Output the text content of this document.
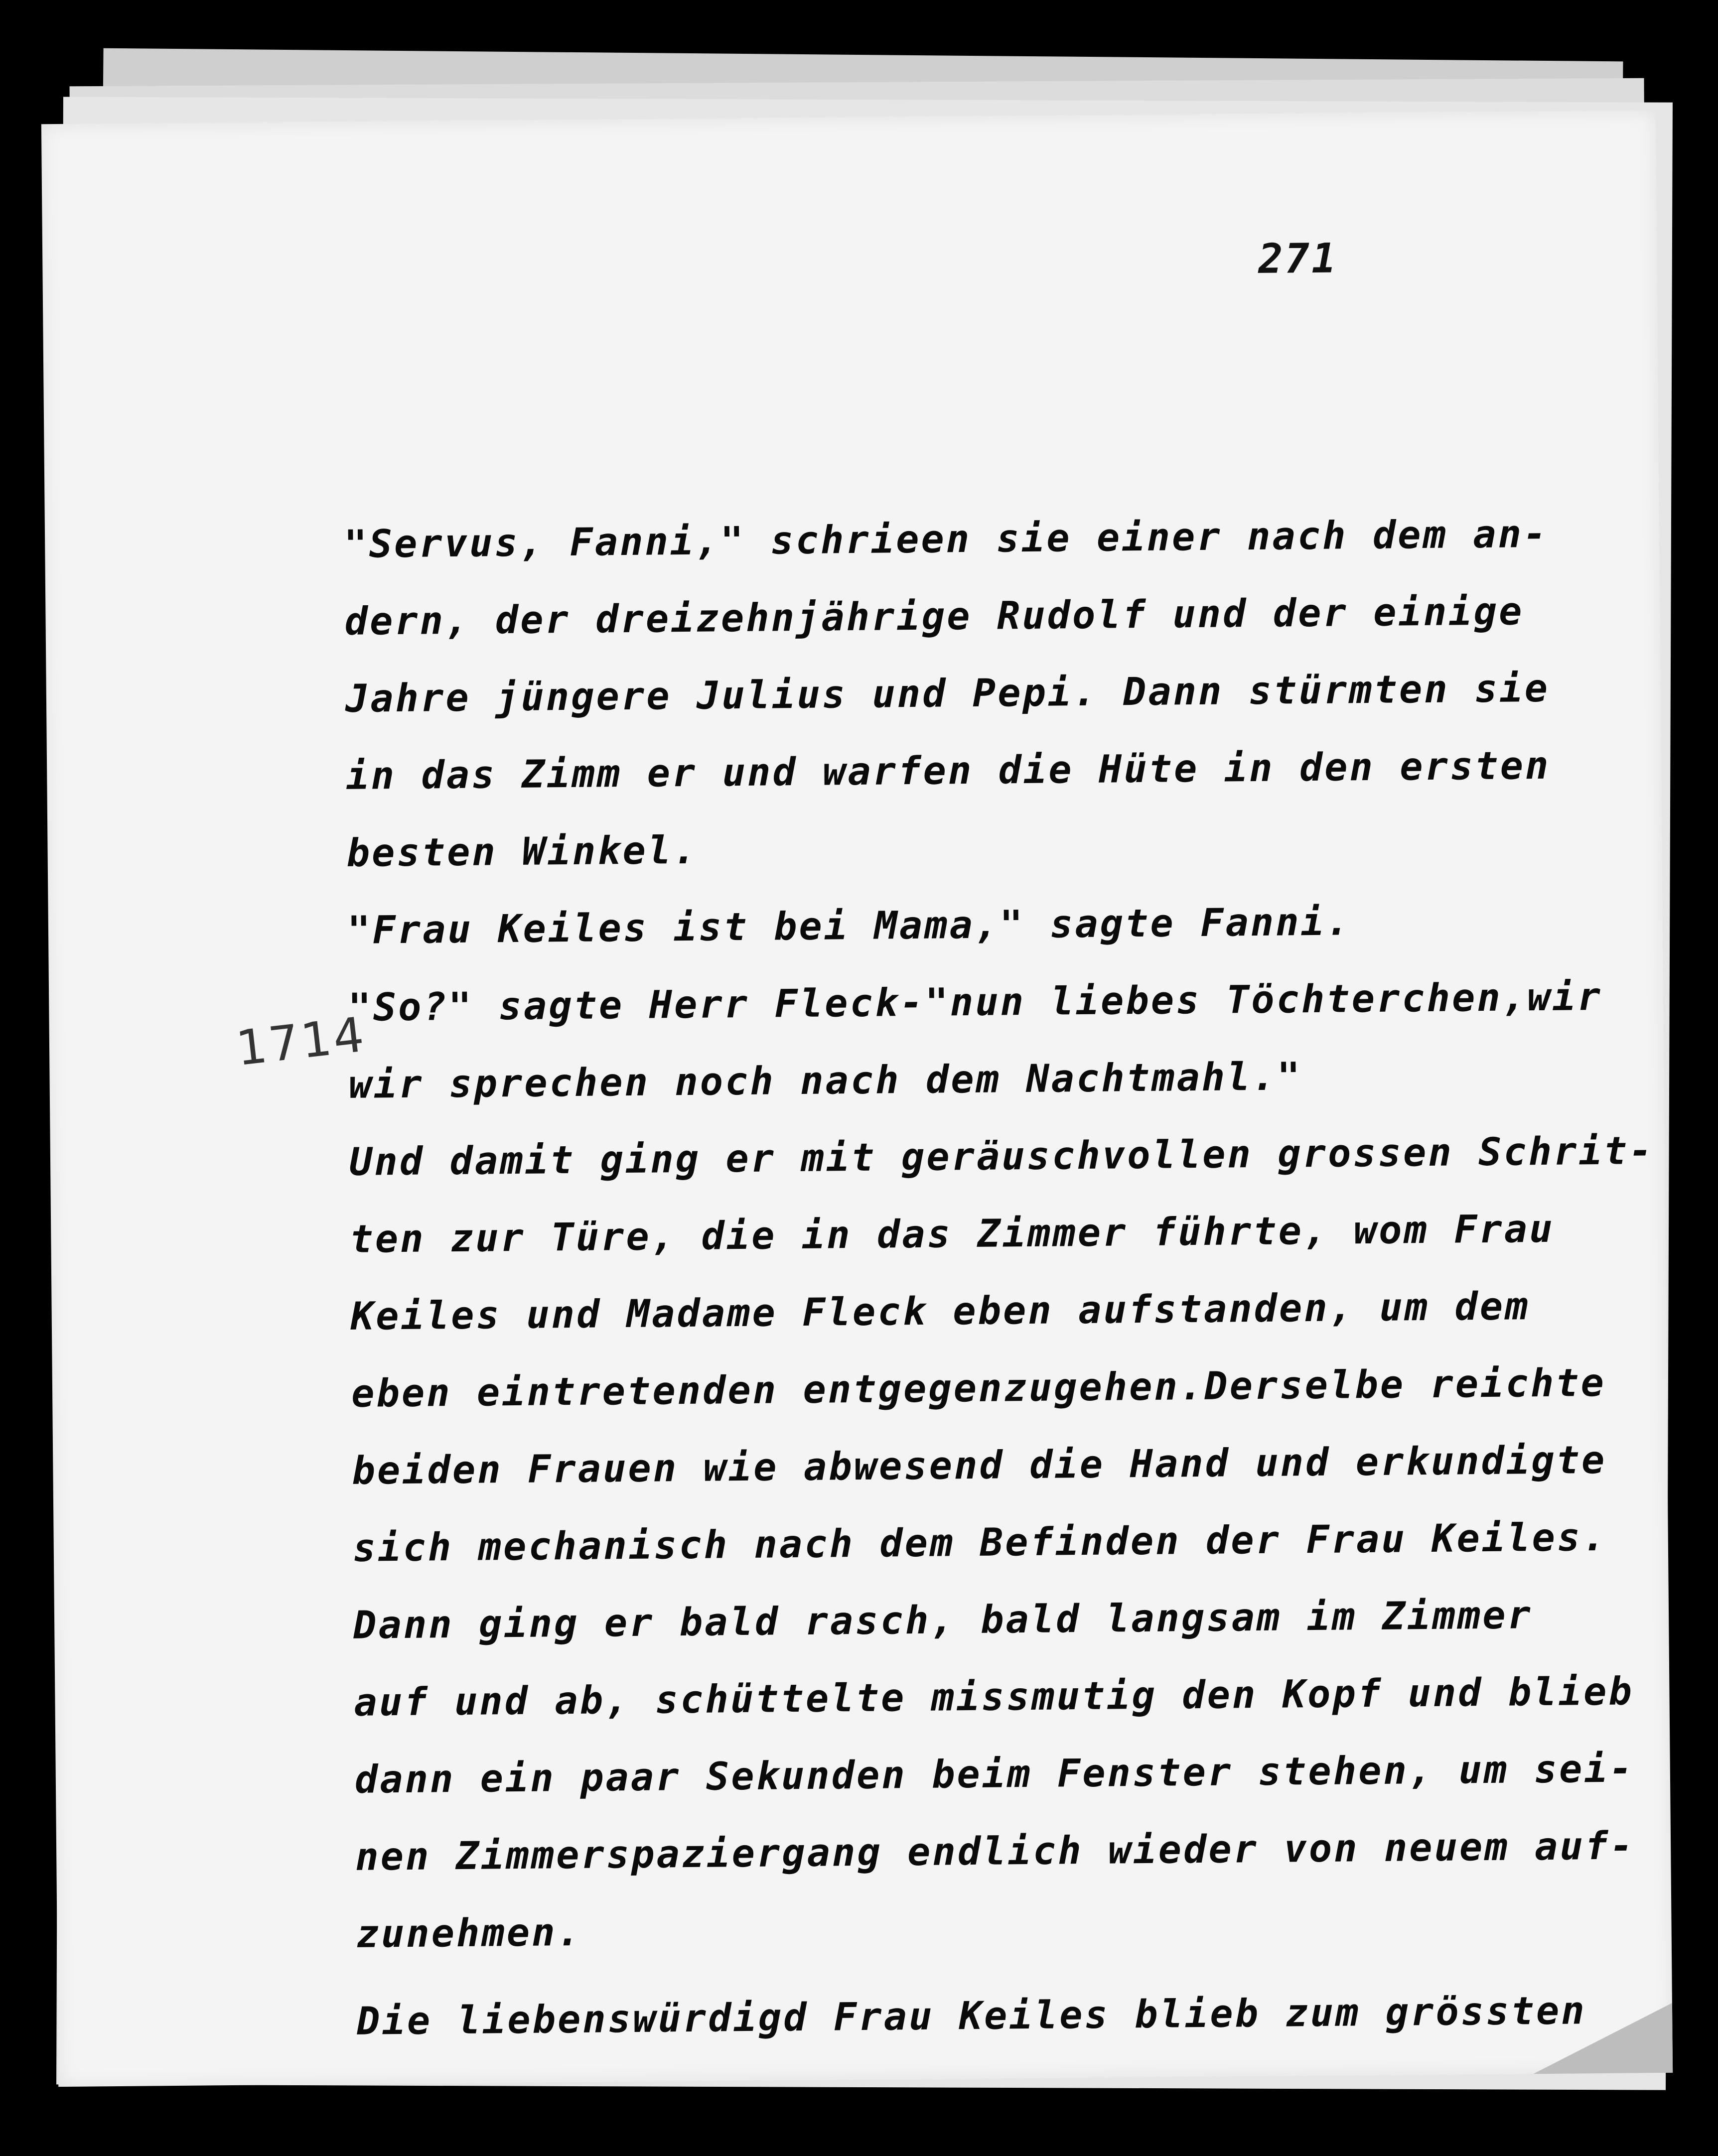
271
1714
"Servus, Fanni," schrieen sie einer nach dem an-
dern, der dreizehnjährige Rudolf und der einige
Jahre jüngere Julius und Pepi. Dann stürmten sie
in das Zimm er und warfen die Hüte in den ersten
besten Winkel.
"Frau Keiles ist bei Mama," sagte Fanni.
"So?" sagte Herr Fleck-"nun liebes Töchterchen,wir
wir sprechen noch nach dem Nachtmahl."
Und damit ging er mit geräuschvollen grossen Schrit-
ten zur Türe, die in das Zimmer führte, wom Frau
Keiles und Madame Fleck eben aufstanden, um dem
eben eintretenden entgegenzugehen.Derselbe reichte
beiden Frauen wie abwesend die Hand und erkundigte
sich mechanisch nach dem Befinden der Frau Keiles.
Dann ging er bald rasch, bald langsam im Zimmer
auf und ab, schüttelte missmutig den Kopf und blieb
dann ein paar Sekunden beim Fenster stehen, um sei-
nen Zimmerspaziergang endlich wieder von neuem auf-
zunehmen.
Die liebenswürdigd Frau Keiles blieb zum grössten
